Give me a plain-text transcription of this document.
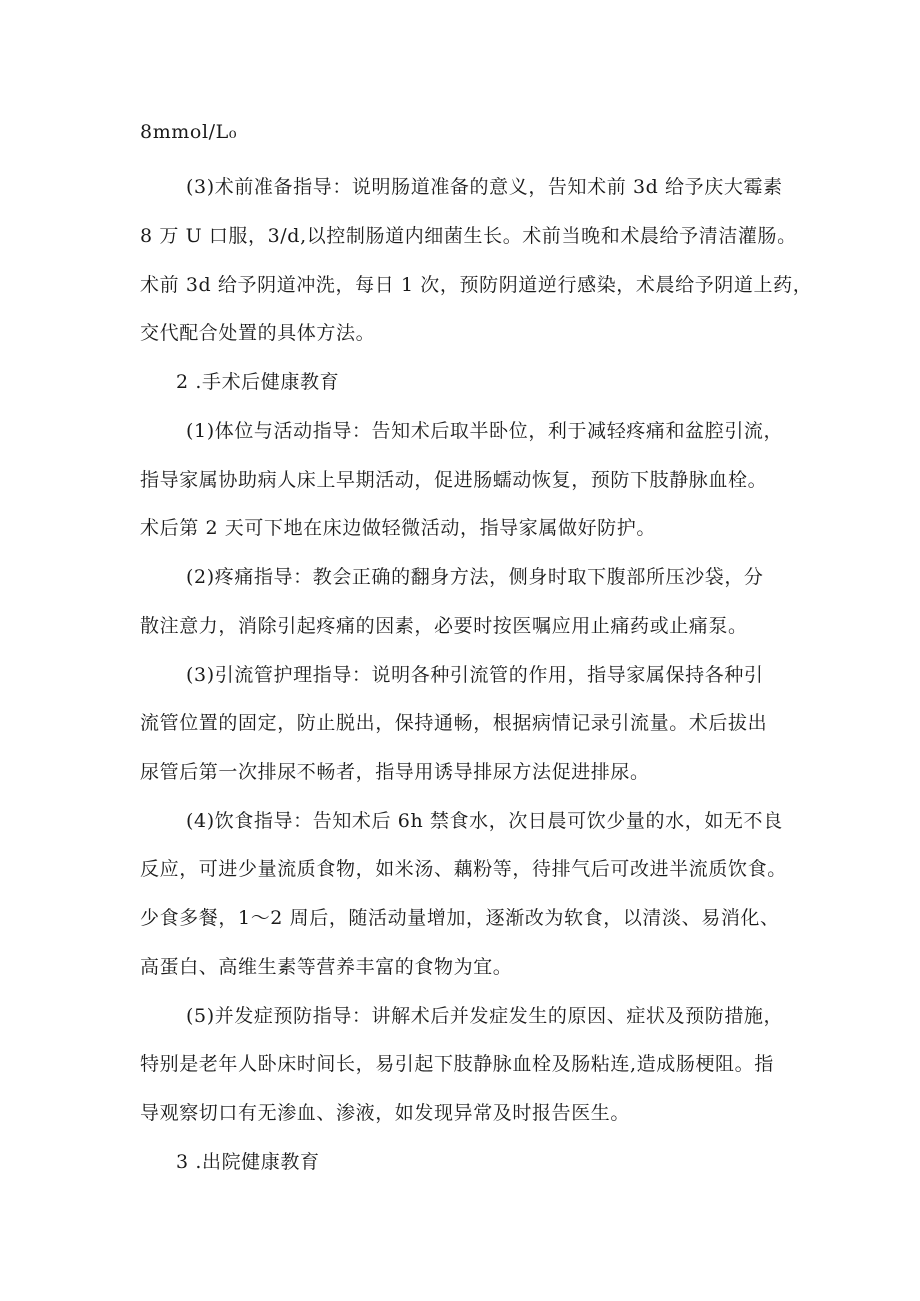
8mmol∕L₀
(3)术前准备指导：说明肠道准备的意义，告知术前 3d 给予庆大霉素
8 万 U 口服，3∕d,以控制肠道内细菌生长。术前当晚和术晨给予清洁灌肠。
术前 3d 给予阴道冲洗，每日 1 次，预防阴道逆行感染，术晨给予阴道上药，
交代配合处置的具体方法。
2 .手术后健康教育
(1)体位与活动指导：告知术后取半卧位，利于减轻疼痛和盆腔引流，
指导家属协助病人床上早期活动，促进肠蠕动恢复，预防下肢静脉血栓。
术后第 2 天可下地在床边做轻微活动，指导家属做好防护。
(2)疼痛指导：教会正确的翻身方法，侧身时取下腹部所压沙袋，分
散注意力，消除引起疼痛的因素，必要时按医嘱应用止痛药或止痛泵。
(3)引流管护理指导：说明各种引流管的作用，指导家属保持各种引
流管位置的固定，防止脱出，保持通畅，根据病情记录引流量。术后拔出
尿管后第一次排尿不畅者，指导用诱导排尿方法促进排尿。
(4)饮食指导：告知术后 6h 禁食水，次日晨可饮少量的水，如无不良
反应，可进少量流质食物，如米汤、藕粉等，待排气后可改进半流质饮食。
少食多餐，1～2 周后，随活动量增加，逐渐改为软食，以清淡、易消化、
高蛋白、高维生素等营养丰富的食物为宜。
(5)并发症预防指导：讲解术后并发症发生的原因、症状及预防措施，
特别是老年人卧床时间长，易引起下肢静脉血栓及肠粘连,造成肠梗阻。指
导观察切口有无渗血、渗液，如发现异常及时报告医生。
3 .出院健康教育
